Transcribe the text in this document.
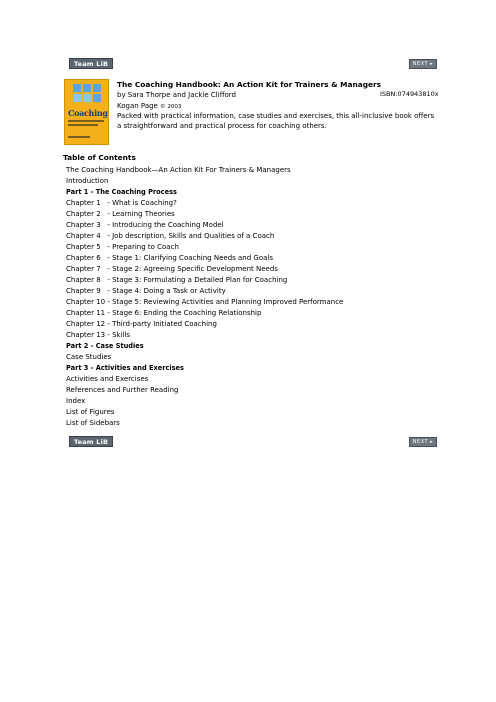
Team LiB	NEXT ▸
Coaching
The Coaching Handbook: An Action Kit for Trainers & Managers
by Sara Thorpe and Jackie Clifford	ISBN:074943810x
Kogan Page © 2003
Packed with practical information, case studies and exercises, this all-inclusive book offers a straightforward and practical process for coaching others.
Table of Contents
The Coaching Handbook—An Action Kit For Trainers & Managers
Introduction
Part 1 - The Coaching Process
Chapter 1   - What is Coaching?
Chapter 2   - Learning Theories
Chapter 3   - Introducing the Coaching Model
Chapter 4   - Job description, Skills and Qualities of a Coach
Chapter 5   - Preparing to Coach
Chapter 6   - Stage 1: Clarifying Coaching Needs and Goals
Chapter 7   - Stage 2: Agreeing Specific Development Needs
Chapter 8   - Stage 3: Formulating a Detailed Plan for Coaching
Chapter 9   - Stage 4: Doing a Task or Activity
Chapter 10 - Stage 5: Reviewing Activities and Planning Improved Performance
Chapter 11 - Stage 6: Ending the Coaching Relationship
Chapter 12 - Third-party Initiated Coaching
Chapter 13 - Skills
Part 2 - Case Studies
Case Studies
Part 3 - Activities and Exercises
Activities and Exercises
References and Further Reading
Index
List of Figures
List of Sidebars
Team LiB	NEXT ▸
